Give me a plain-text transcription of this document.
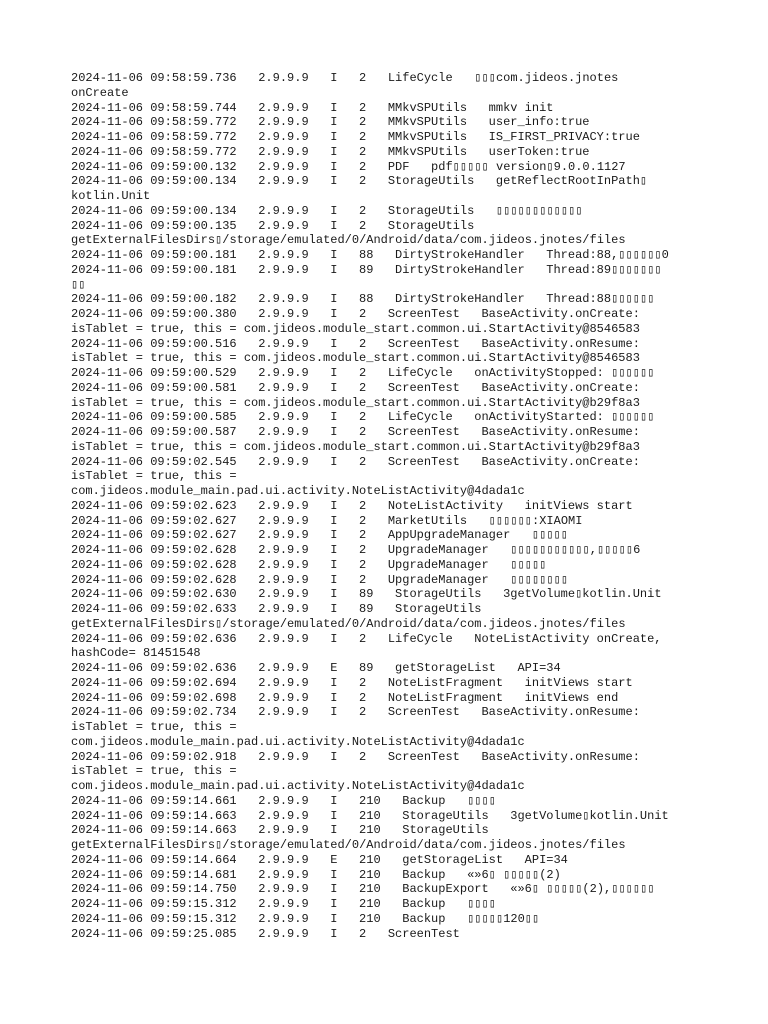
2024-11-06 09:58:59.736   2.9.9.9   I   2   LifeCycle   ▯▯▯com.jideos.jnotes
onCreate
2024-11-06 09:58:59.744   2.9.9.9   I   2   MMkvSPUtils   mmkv init
2024-11-06 09:58:59.772   2.9.9.9   I   2   MMkvSPUtils   user_info:true
2024-11-06 09:58:59.772   2.9.9.9   I   2   MMkvSPUtils   IS_FIRST_PRIVACY:true
2024-11-06 09:58:59.772   2.9.9.9   I   2   MMkvSPUtils   userToken:true
2024-11-06 09:59:00.132   2.9.9.9   I   2   PDF   pdf▯▯▯▯▯ version▯9.0.0.1127
2024-11-06 09:59:00.134   2.9.9.9   I   2   StorageUtils   getReflectRootInPath▯
kotlin.Unit
2024-11-06 09:59:00.134   2.9.9.9   I   2   StorageUtils   ▯▯▯▯▯▯▯▯▯▯▯▯
2024-11-06 09:59:00.135   2.9.9.9   I   2   StorageUtils
getExternalFilesDirs▯/storage/emulated/0/Android/data/com.jideos.jnotes/files
2024-11-06 09:59:00.181   2.9.9.9   I   88   DirtyStrokeHandler   Thread:88,▯▯▯▯▯▯0
2024-11-06 09:59:00.181   2.9.9.9   I   89   DirtyStrokeHandler   Thread:89▯▯▯▯▯▯▯
▯▯
2024-11-06 09:59:00.182   2.9.9.9   I   88   DirtyStrokeHandler   Thread:88▯▯▯▯▯▯
2024-11-06 09:59:00.380   2.9.9.9   I   2   ScreenTest   BaseActivity.onCreate:
isTablet = true, this = com.jideos.module_start.common.ui.StartActivity@8546583
2024-11-06 09:59:00.516   2.9.9.9   I   2   ScreenTest   BaseActivity.onResume:
isTablet = true, this = com.jideos.module_start.common.ui.StartActivity@8546583
2024-11-06 09:59:00.529   2.9.9.9   I   2   LifeCycle   onActivityStopped: ▯▯▯▯▯▯
2024-11-06 09:59:00.581   2.9.9.9   I   2   ScreenTest   BaseActivity.onCreate:
isTablet = true, this = com.jideos.module_start.common.ui.StartActivity@b29f8a3
2024-11-06 09:59:00.585   2.9.9.9   I   2   LifeCycle   onActivityStarted: ▯▯▯▯▯▯
2024-11-06 09:59:00.587   2.9.9.9   I   2   ScreenTest   BaseActivity.onResume:
isTablet = true, this = com.jideos.module_start.common.ui.StartActivity@b29f8a3
2024-11-06 09:59:02.545   2.9.9.9   I   2   ScreenTest   BaseActivity.onCreate:
isTablet = true, this =
com.jideos.module_main.pad.ui.activity.NoteListActivity@4dada1c
2024-11-06 09:59:02.623   2.9.9.9   I   2   NoteListActivity   initViews start
2024-11-06 09:59:02.627   2.9.9.9   I   2   MarketUtils   ▯▯▯▯▯▯:XIAOMI
2024-11-06 09:59:02.627   2.9.9.9   I   2   AppUpgradeManager   ▯▯▯▯▯
2024-11-06 09:59:02.628   2.9.9.9   I   2   UpgradeManager   ▯▯▯▯▯▯▯▯▯▯▯,▯▯▯▯▯6
2024-11-06 09:59:02.628   2.9.9.9   I   2   UpgradeManager   ▯▯▯▯▯
2024-11-06 09:59:02.628   2.9.9.9   I   2   UpgradeManager   ▯▯▯▯▯▯▯▯
2024-11-06 09:59:02.630   2.9.9.9   I   89   StorageUtils   3getVolume▯kotlin.Unit
2024-11-06 09:59:02.633   2.9.9.9   I   89   StorageUtils
getExternalFilesDirs▯/storage/emulated/0/Android/data/com.jideos.jnotes/files
2024-11-06 09:59:02.636   2.9.9.9   I   2   LifeCycle   NoteListActivity onCreate,
hashCode= 81451548
2024-11-06 09:59:02.636   2.9.9.9   E   89   getStorageList   API=34
2024-11-06 09:59:02.694   2.9.9.9   I   2   NoteListFragment   initViews start
2024-11-06 09:59:02.698   2.9.9.9   I   2   NoteListFragment   initViews end
2024-11-06 09:59:02.734   2.9.9.9   I   2   ScreenTest   BaseActivity.onResume:
isTablet = true, this =
com.jideos.module_main.pad.ui.activity.NoteListActivity@4dada1c
2024-11-06 09:59:02.918   2.9.9.9   I   2   ScreenTest   BaseActivity.onResume:
isTablet = true, this =
com.jideos.module_main.pad.ui.activity.NoteListActivity@4dada1c
2024-11-06 09:59:14.661   2.9.9.9   I   210   Backup   ▯▯▯▯
2024-11-06 09:59:14.663   2.9.9.9   I   210   StorageUtils   3getVolume▯kotlin.Unit
2024-11-06 09:59:14.663   2.9.9.9   I   210   StorageUtils
getExternalFilesDirs▯/storage/emulated/0/Android/data/com.jideos.jnotes/files
2024-11-06 09:59:14.664   2.9.9.9   E   210   getStorageList   API=34
2024-11-06 09:59:14.681   2.9.9.9   I   210   Backup   «»6▯ ▯▯▯▯▯(2)
2024-11-06 09:59:14.750   2.9.9.9   I   210   BackupExport   «»6▯ ▯▯▯▯▯(2),▯▯▯▯▯▯
2024-11-06 09:59:15.312   2.9.9.9   I   210   Backup   ▯▯▯▯
2024-11-06 09:59:15.312   2.9.9.9   I   210   Backup   ▯▯▯▯▯120▯▯
2024-11-06 09:59:25.085   2.9.9.9   I   2   ScreenTest
